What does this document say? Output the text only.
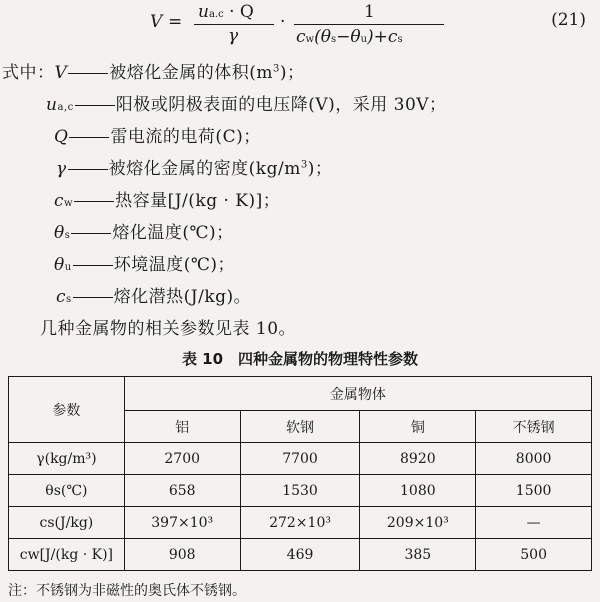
V = ua.c · Q
γ
·	1
cw(θs−θu)+cs
(21)
式中：V 被熔化金属的体积$(m^3)$；
ua,c 阳极或阴极表面的电压降(V)，采用 30V；
Q 雷电流的电荷(C)；
γ 被熔化金属的密度$(kg/m^3)$；
cw 热容量[J/(kg · K)]；
θs 熔化温度(℃)；
θu 环境温度(℃)；
cs 熔化潜热(J/kg)。
几种金属物的相关参数见表 10。
表 10　四种金属物的物理特性参数
参数	金属物体			
	铝	软钢	铜	不锈钢
γ(kg/m³)	2700	7700	8920	8000
θs(℃)	658	1530	1080	1500
cs(J/kg)	397×10³	272×10³	209×10³	—
cw[J/(kg · K)]	908	469	385	500
注：不锈钢为非磁性的奥氏体不锈钢。
